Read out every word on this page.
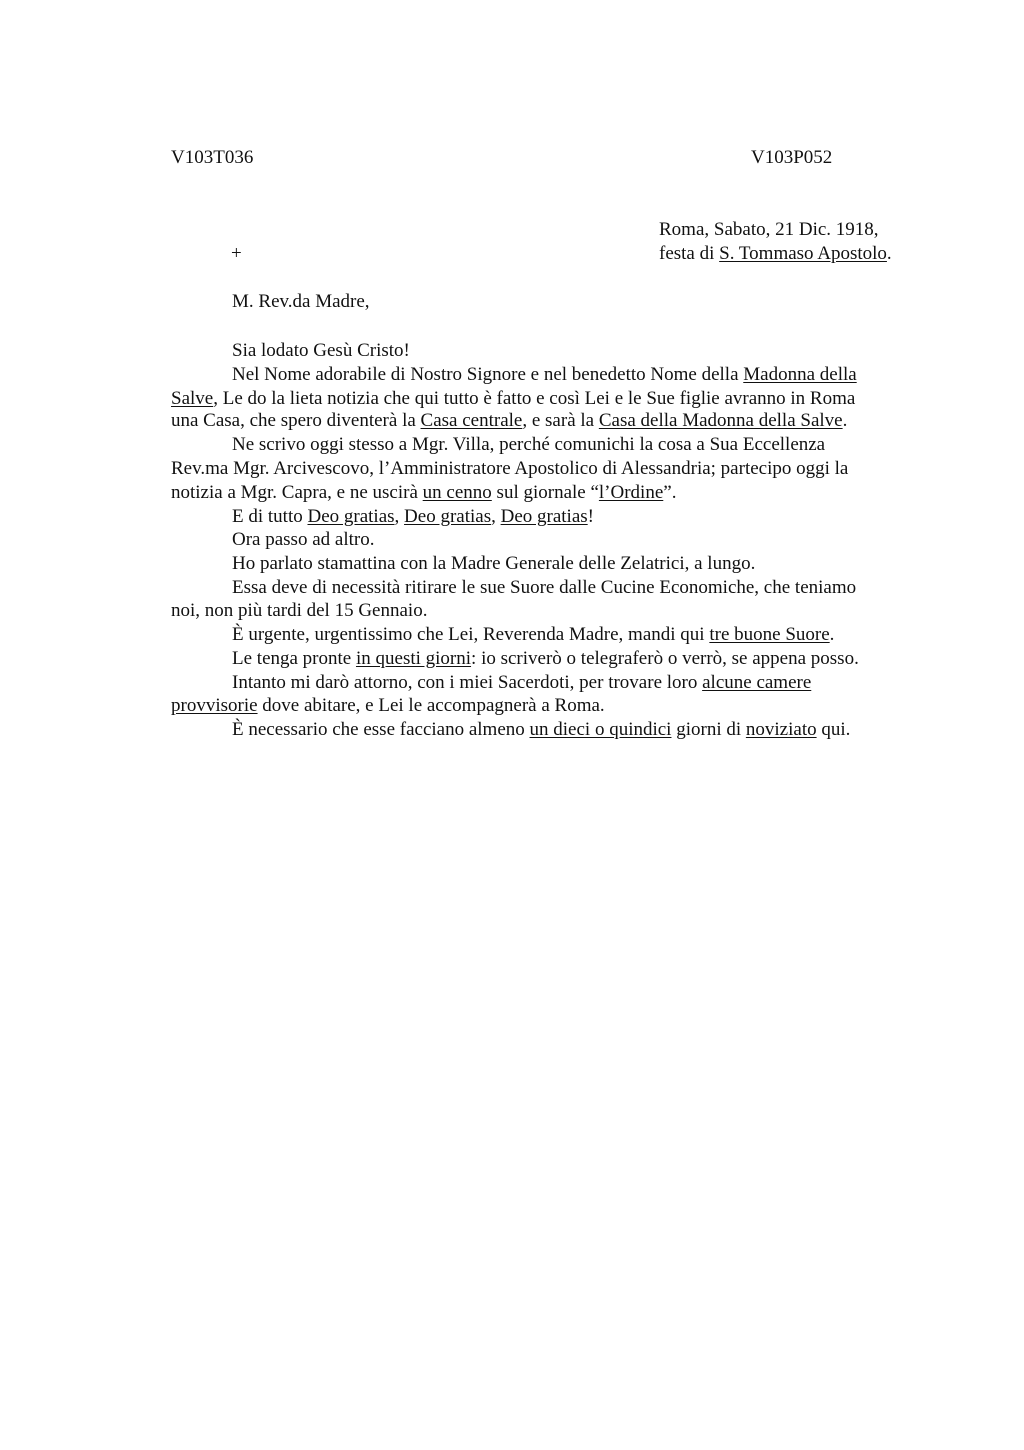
V103T036	V103P052
Roma, Sabato, 21 Dic. 1918,
festa di S. Tommaso Apostolo.
+
M. Rev.da Madre,
Sia lodato Gesù Cristo!
Nel Nome adorabile di Nostro Signore e nel benedetto Nome della Madonna della
Salve, Le do la lieta notizia che qui tutto è fatto e così Lei e le Sue figlie avranno in Roma
una Casa, che spero diventerà la Casa centrale, e sarà la Casa della Madonna della Salve.
Ne scrivo oggi stesso a Mgr. Villa, perché comunichi la cosa a Sua Eccellenza
Rev.ma Mgr. Arcivescovo, l’Amministratore Apostolico di Alessandria; partecipo oggi la
notizia a Mgr. Capra, e ne uscirà un cenno sul giornale “l’Ordine”.
E di tutto Deo gratias, Deo gratias, Deo gratias!
Ora passo ad altro.
Ho parlato stamattina con la Madre Generale delle Zelatrici, a lungo.
Essa deve di necessità ritirare le sue Suore dalle Cucine Economiche, che teniamo
noi, non più tardi del 15 Gennaio.
È urgente, urgentissimo che Lei, Reverenda Madre, mandi qui tre buone Suore.
Le tenga pronte in questi giorni: io scriverò o telegraferò o verrò, se appena posso.
Intanto mi darò attorno, con i miei Sacerdoti, per trovare loro alcune camere
provvisorie dove abitare, e Lei le accompagnerà a Roma.
È necessario che esse facciano almeno un dieci o quindici giorni di noviziato qui.
